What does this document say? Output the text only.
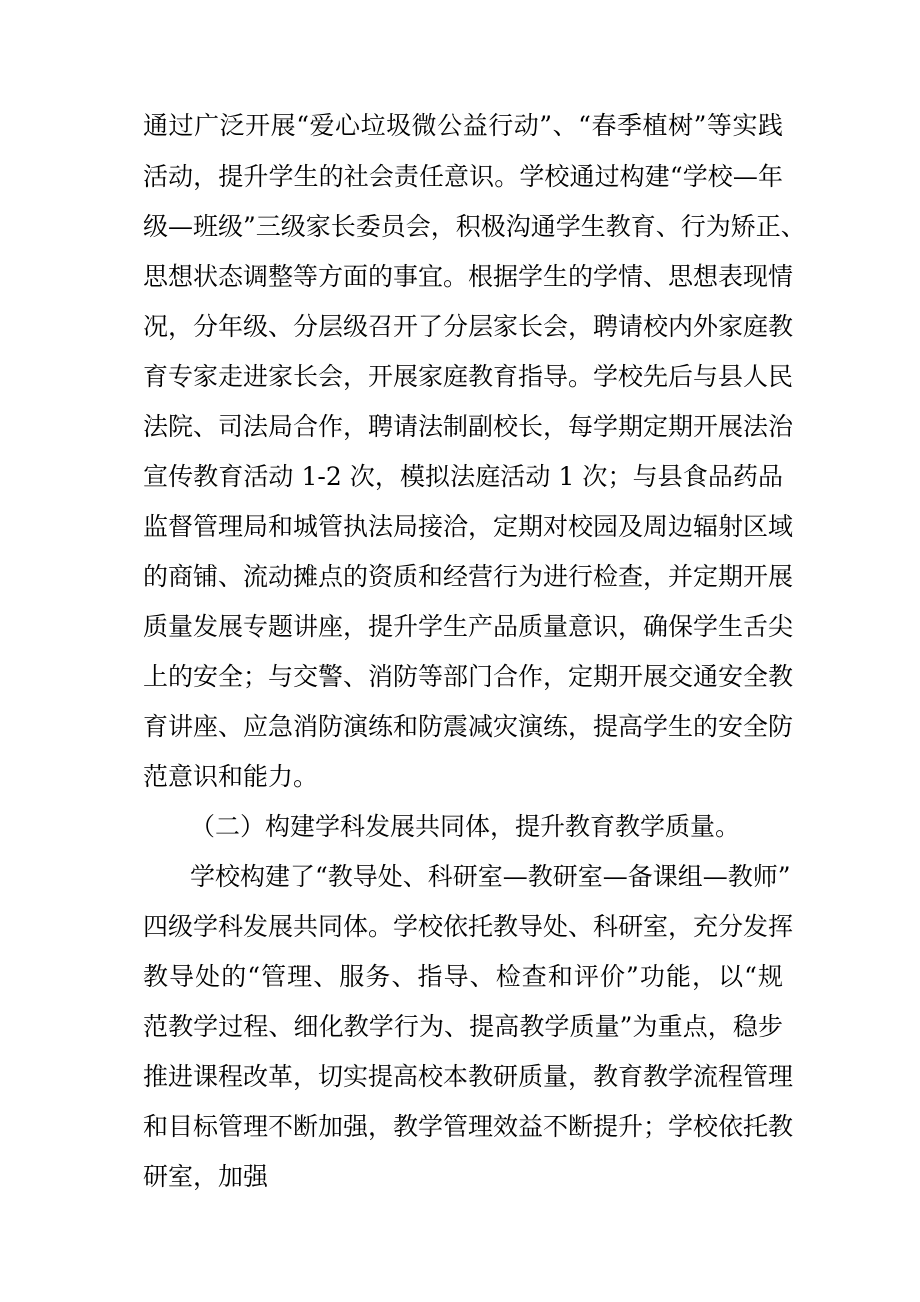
通过广泛开展“爱心垃圾微公益行动”、“春季植树”等实践
活动，提升学生的社会责任意识。学校通过构建“学校—年
级—班级”三级家长委员会，积极沟通学生教育、行为矫正、
思想状态调整等方面的事宜。根据学生的学情、思想表现情
况，分年级、分层级召开了分层家长会，聘请校内外家庭教
育专家走进家长会，开展家庭教育指导。学校先后与县人民
法院、司法局合作，聘请法制副校长，每学期定期开展法治
宣传教育活动 1-2 次，模拟法庭活动 1 次；与县食品药品
监督管理局和城管执法局接洽，定期对校园及周边辐射区域
的商铺、流动摊点的资质和经营行为进行检查，并定期开展
质量发展专题讲座，提升学生产品质量意识，确保学生舌尖
上的安全；与交警、消防等部门合作，定期开展交通安全教
育讲座、应急消防演练和防震减灾演练，提高学生的安全防
范意识和能力。
（二）构建学科发展共同体，提升教育教学质量。
学校构建了“教导处、科研室—教研室—备课组—教师”
四级学科发展共同体。学校依托教导处、科研室，充分发挥
教导处的“管理、服务、指导、检查和评价”功能，以“规
范教学过程、细化教学行为、提高教学质量”为重点，稳步
推进课程改革，切实提高校本教研质量，教育教学流程管理
和目标管理不断加强，教学管理效益不断提升；学校依托教
研室，加强
